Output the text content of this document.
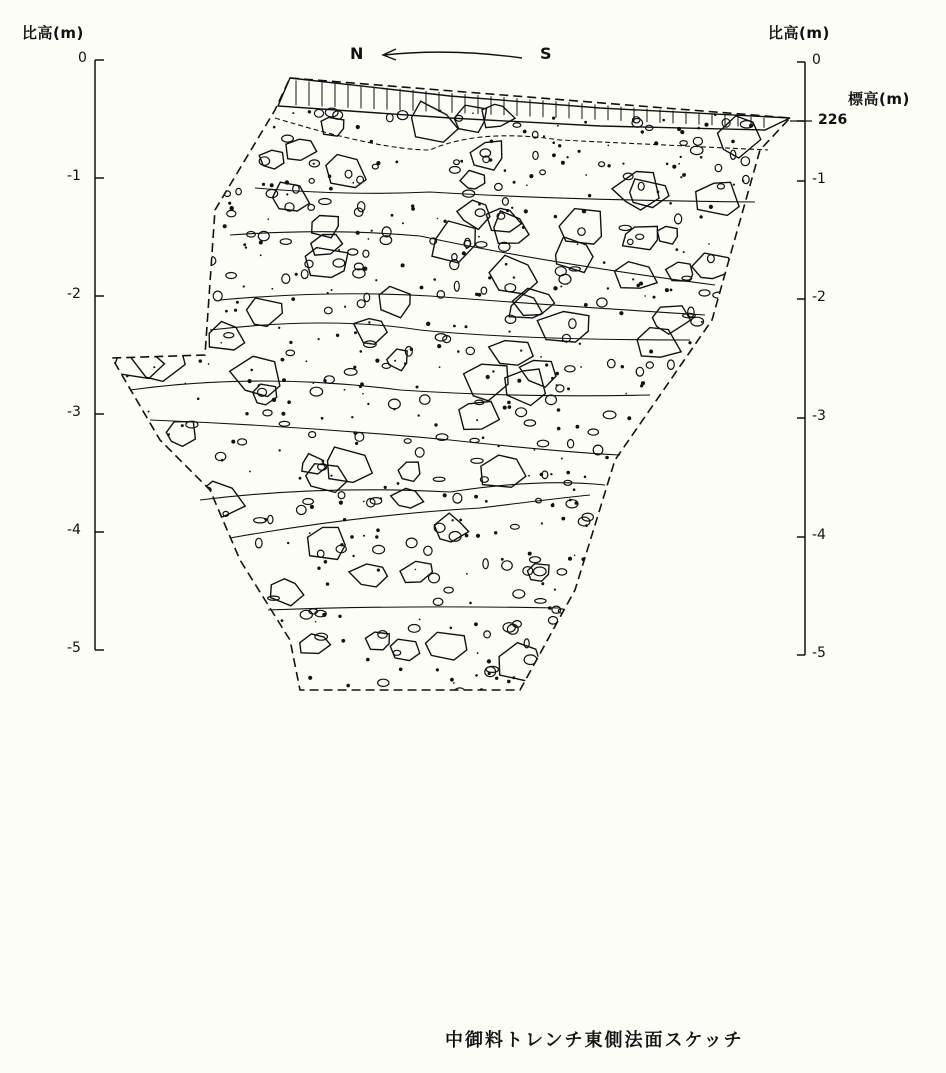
比高(m)
0
-1
-2
-3
-4
-5
比高(m)
0
標高(m)
226
-1
-2
-3
-4
-5
N	S
中御料トレンチ東側法面スケッチ
